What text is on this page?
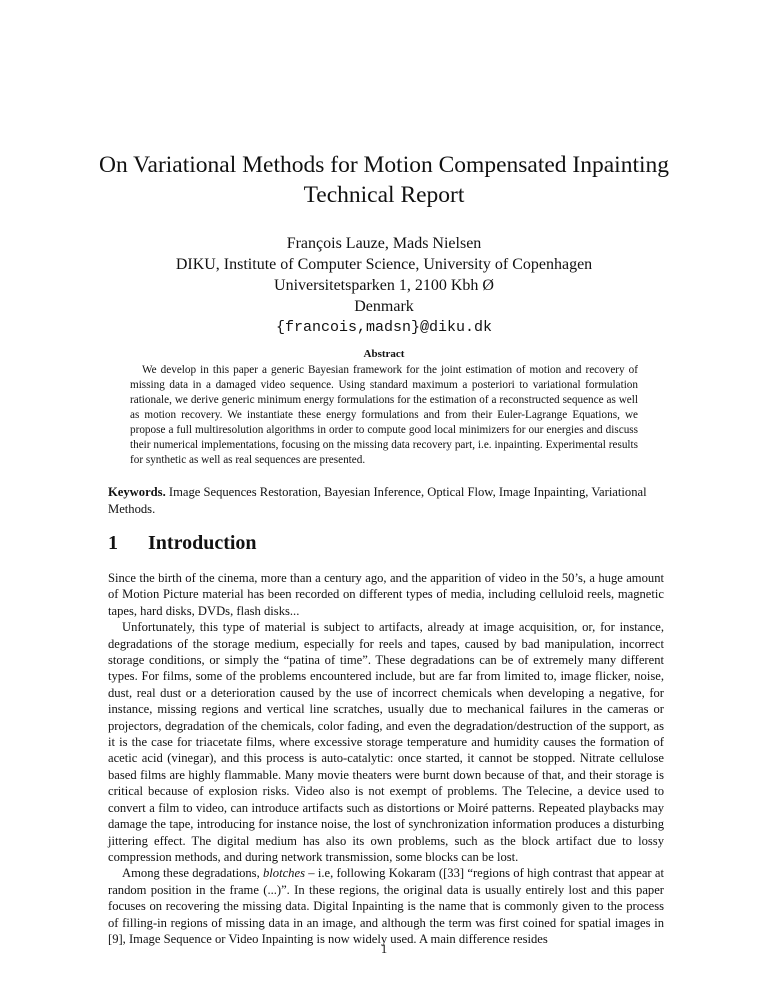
On Variational Methods for Motion Compensated Inpainting
Technical Report
François Lauze, Mads Nielsen
DIKU, Institute of Computer Science, University of Copenhagen
Universitetsparken 1, 2100 Kbh Ø
Denmark
{francois,madsn}@diku.dk
Abstract
We develop in this paper a generic Bayesian framework for the joint estimation of motion and recovery of missing data in a damaged video sequence. Using standard maximum a posteriori to variational formulation rationale, we derive generic minimum energy formulations for the estimation of a reconstructed sequence as well as motion recovery. We instantiate these energy formulations and from their Euler-Lagrange Equations, we propose a full multiresolution algorithms in order to compute good local minimizers for our energies and discuss their numerical implementations, focusing on the missing data recovery part, i.e. inpainting. Experimental results for synthetic as well as real sequences are presented.
Keywords. Image Sequences Restoration, Bayesian Inference, Optical Flow, Image Inpainting, Variational Methods.
1 Introduction

Since the birth of the cinema, more than a century ago, and the apparition of video in the 50’s, a huge amount of Motion Picture material has been recorded on different types of media, including celluloid reels, magnetic tapes, hard disks, DVDs, flash disks...

Unfortunately, this type of material is subject to artifacts, already at image acquisition, or, for instance, degradations of the storage medium, especially for reels and tapes, caused by bad manipulation, incorrect storage conditions, or simply the “patina of time”. These degradations can be of extremely many different types. For films, some of the problems encountered include, but are far from limited to, image flicker, noise, dust, real dust or a deterioration caused by the use of incorrect chemicals when developing a negative, for instance, missing regions and vertical line scratches, usually due to mechanical failures in the cameras or projectors, degradation of the chemicals, color fading, and even the degradation/destruction of the support, as it is the case for triacetate films, where excessive storage temperature and humidity causes the formation of acetic acid (vinegar), and this process is auto-catalytic: once started, it cannot be stopped. Nitrate cellulose based films are highly flammable. Many movie theaters were burnt down because of that, and their storage is critical because of explosion risks. Video also is not exempt of problems. The Telecine, a device used to convert a film to video, can introduce artifacts such as distortions or Moiré patterns. Repeated playbacks may damage the tape, introducing for instance noise, the lost of synchronization information produces a disturbing jittering effect. The digital medium has also its own problems, such as the block artifact due to lossy compression methods, and during network transmission, some blocks can be lost.

Among these degradations, blotches – i.e, following Kokaram ([33] “regions of high contrast that appear at random position in the frame (...)”. In these regions, the original data is usually entirely lost and this paper focuses on recovering the missing data. Digital Inpainting is the name that is commonly given to the process of filling-in regions of missing data in an image, and although the term was first coined for spatial images in [9], Image Sequence or Video Inpainting is now widely used. A main difference resides

1
